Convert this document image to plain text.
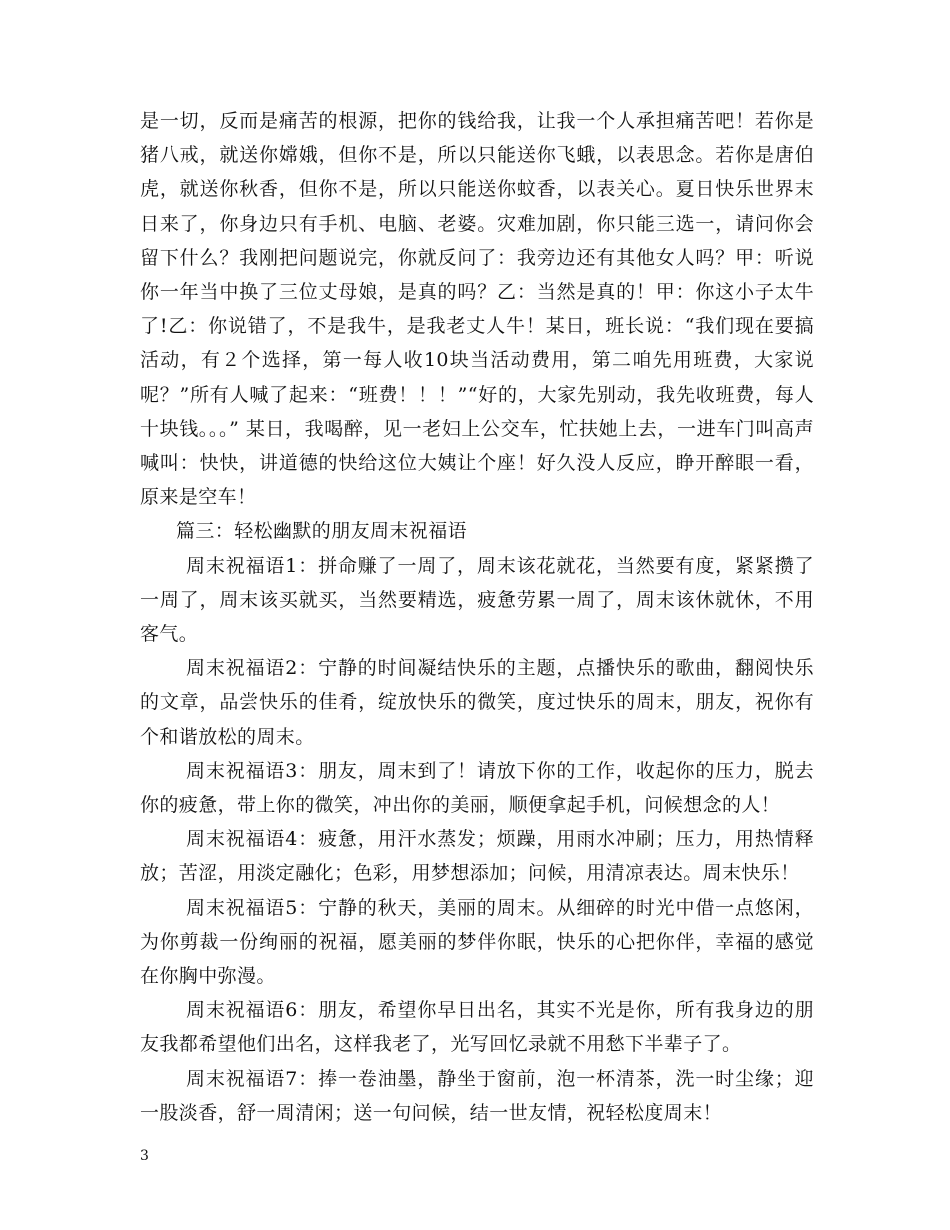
是一切，反而是痛苦的根源，把你的钱给我，让我一个人承担痛苦吧！若你是猪八戒，就送你嫦娥，但你不是，所以只能送你飞蛾，以表思念。若你是唐伯虎，就送你秋香，但你不是，所以只能送你蚊香，以表关心。夏日快乐世界末日来了，你身边只有手机、电脑、老婆。灾难加剧，你只能三选一，请问你会留下什么？我刚把问题说完，你就反问了：我旁边还有其他女人吗？甲：听说你一年当中换了三位丈母娘，是真的吗？乙：当然是真的！甲：你这小子太牛了!乙：你说错了，不是我牛，是我老丈人牛！某日，班长说：“我们现在要搞活动，有２个选择，第一每人收10块当活动费用，第二咱先用班费，大家说呢？”所有人喊了起来：“班费！！！”“好的，大家先别动，我先收班费，每人十块钱。。。” 某日，我喝醉，见一老妇上公交车，忙扶她上去，一进车门叫高声喊叫：快快，讲道德的快给这位大姨让个座！好久没人反应，睁开醉眼一看，原来是空车！

篇三：轻松幽默的朋友周末祝福语

周末祝福语1：拼命赚了一周了，周末该花就花，当然要有度，紧紧攒了一周了，周末该买就买，当然要精选，疲惫劳累一周了，周末该休就休，不用客气。

周末祝福语2：宁静的时间凝结快乐的主题，点播快乐的歌曲，翻阅快乐的文章，品尝快乐的佳肴，绽放快乐的微笑，度过快乐的周末，朋友，祝你有个和谐放松的周末。

周末祝福语3：朋友，周末到了！请放下你的工作，收起你的压力，脱去你的疲惫，带上你的微笑，冲出你的美丽，顺便拿起手机，问候想念的人！

周末祝福语4：疲惫，用汗水蒸发；烦躁，用雨水冲刷；压力，用热情释放；苦涩，用淡定融化；色彩，用梦想添加；问候，用清凉表达。周末快乐！

周末祝福语5：宁静的秋天，美丽的周末。从细碎的时光中借一点悠闲，为你剪裁一份绚丽的祝福，愿美丽的梦伴你眠，快乐的心把你伴，幸福的感觉在你胸中弥漫。

周末祝福语6：朋友，希望你早日出名，其实不光是你，所有我身边的朋友我都希望他们出名，这样我老了，光写回忆录就不用愁下半辈子了。

周末祝福语7：捧一卷油墨，静坐于窗前，泡一杯清茶，洗一时尘缘；迎一股淡香，舒一周清闲；送一句问候，结一世友情，祝轻松度周末！

3
